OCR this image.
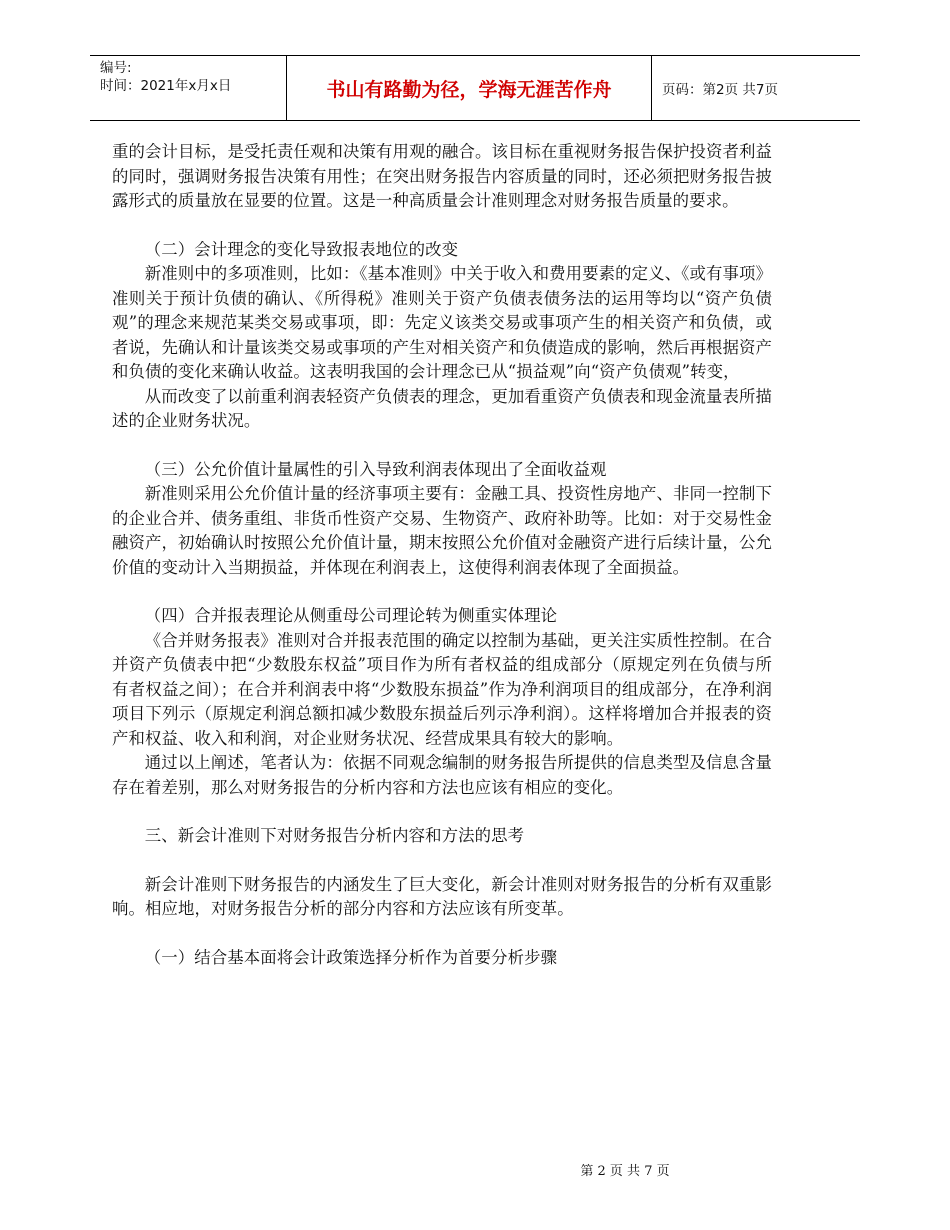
编号:
时间：2021年x月x日	书山有路勤为径，学海无涯苦作舟	页码：第2页 共7页

重的会计目标，是受托责任观和决策有用观的融合。该目标在重视财务报告保护投资者利益的同时，强调财务报告决策有用性；在突出财务报告内容质量的同时，还必须把财务报告披露形式的质量放在显要的位置。这是一种高质量会计准则理念对财务报告质量的要求。

（二）会计理念的变化导致报表地位的改变

新准则中的多项准则，比如：《基本准则》中关于收入和费用要素的定义、《或有事项》准则关于预计负债的确认、《所得税》准则关于资产负债表债务法的运用等均以“资产负债观”的理念来规范某类交易或事项，即：先定义该类交易或事项产生的相关资产和负债，或者说，先确认和计量该类交易或事项的产生对相关资产和负债造成的影响，然后再根据资产和负债的变化来确认收益。这表明我国的会计理念已从“损益观”向“资产负债观”转变，

从而改变了以前重利润表轻资产负债表的理念，更加看重资产负债表和现金流量表所描述的企业财务状况。

（三）公允价值计量属性的引入导致利润表体现出了全面收益观

新准则采用公允价值计量的经济事项主要有：金融工具、投资性房地产、非同一控制下的企业合并、债务重组、非货币性资产交易、生物资产、政府补助等。比如：对于交易性金融资产，初始确认时按照公允价值计量，期末按照公允价值对金融资产进行后续计量，公允价值的变动计入当期损益，并体现在利润表上，这使得利润表体现了全面损益。

（四）合并报表理论从侧重母公司理论转为侧重实体理论

《合并财务报表》准则对合并报表范围的确定以控制为基础，更关注实质性控制。在合并资产负债表中把“少数股东权益”项目作为所有者权益的组成部分（原规定列在负债与所有者权益之间）；在合并利润表中将“少数股东损益”作为净利润项目的组成部分，在净利润项目下列示（原规定利润总额扣减少数股东损益后列示净利润）。这样将增加合并报表的资产和权益、收入和利润，对企业财务状况、经营成果具有较大的影响。

通过以上阐述，笔者认为：依据不同观念编制的财务报告所提供的信息类型及信息含量存在着差别，那么对财务报告的分析内容和方法也应该有相应的变化。

三、新会计准则下对财务报告分析内容和方法的思考

新会计准则下财务报告的内涵发生了巨大变化，新会计准则对财务报告的分析有双重影响。相应地，对财务报告分析的部分内容和方法应该有所变革。

（一）结合基本面将会计政策选择分析作为首要分析步骤

第 2 页 共 7 页
